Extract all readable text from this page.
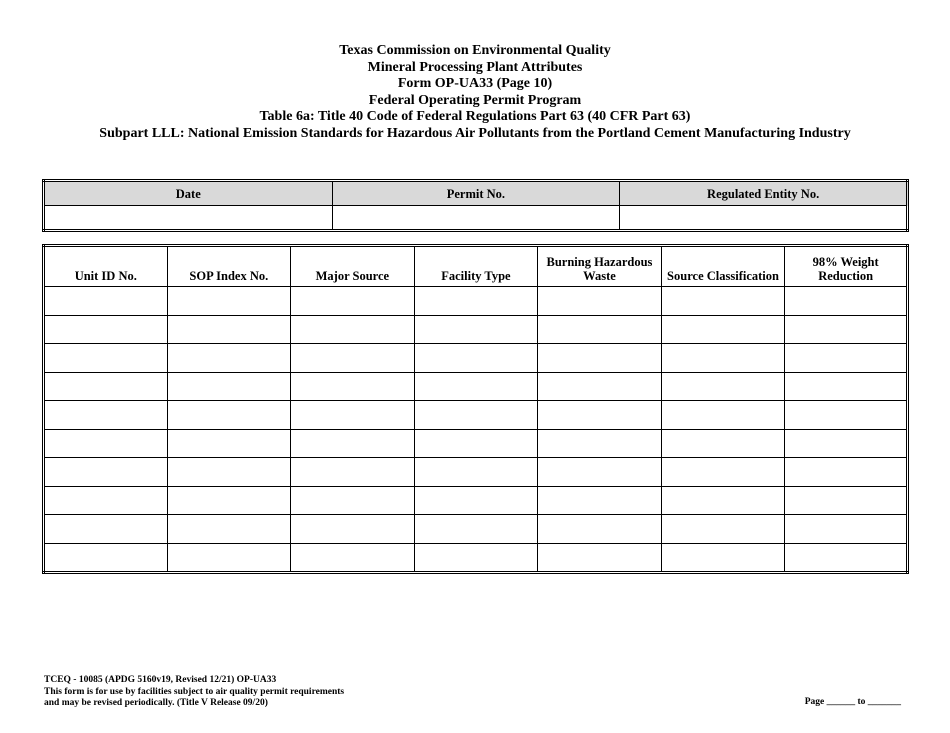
Texas Commission on Environmental Quality
Mineral Processing Plant Attributes
Form OP-UA33 (Page 10)
Federal Operating Permit Program
Table 6a: Title 40 Code of Federal Regulations Part 63 (40 CFR Part 63)
Subpart LLL: National Emission Standards for Hazardous Air Pollutants from the Portland Cement Manufacturing Industry
Date	Permit No.	Regulated Entity No.

Unit ID No.	SOP Index No.	Major Source	Facility Type	Burning Hazardous Waste	Source Classification	98% Weight Reduction

TCEQ - 10085 (APDG 5160v19, Revised 12/21) OP-UA33
This form is for use by facilities subject to air quality permit requirements
and may be revised periodically. (Title V Release 09/20)	Page ______ to _______
